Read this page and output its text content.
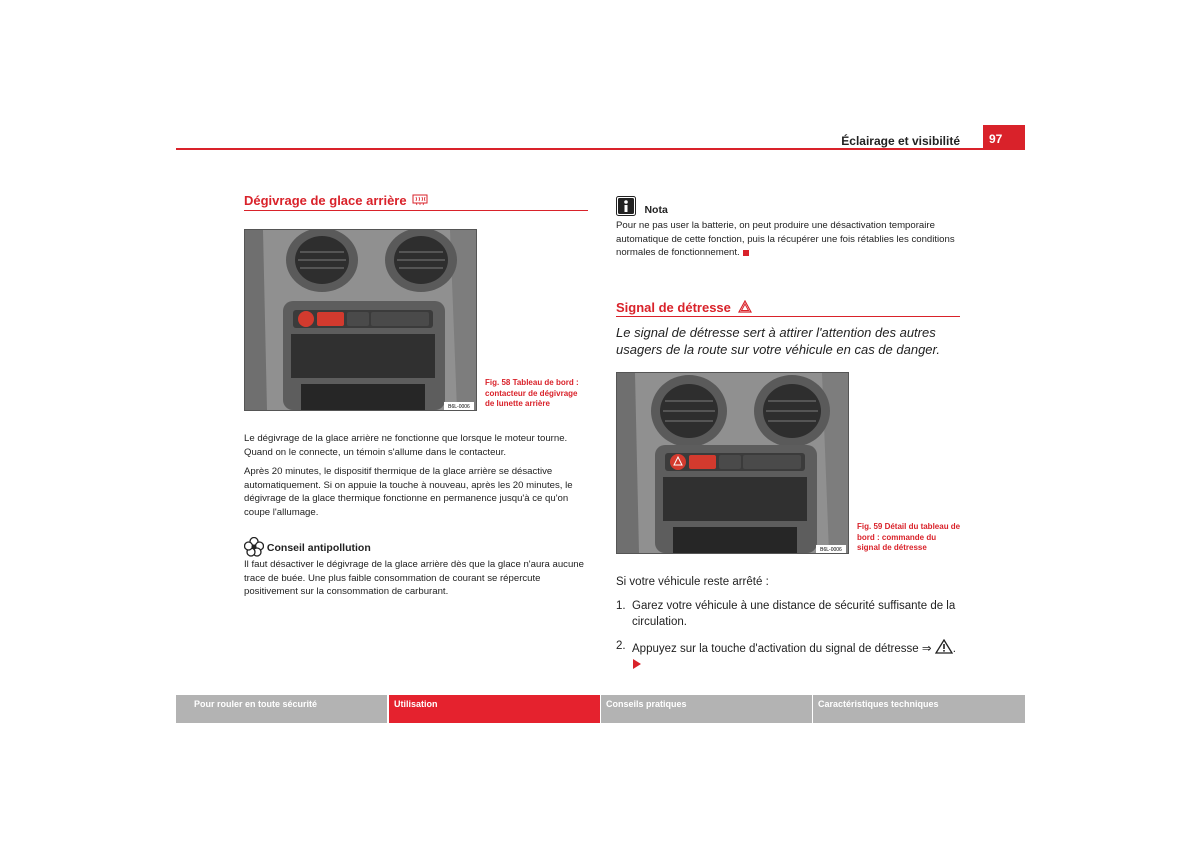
Éclairage et visibilité	97
Dégivrage de glace arrière
B6L-0006
Fig. 58 Tableau de bord : contacteur de dégivrage de lunette arrière

Le dégivrage de la glace arrière ne fonctionne que lorsque le moteur tourne. Quand on le connecte, un témoin s'allume dans le contacteur.

Après 20 minutes, le dispositif thermique de la glace arrière se désactive automatiquement. Si on appuie la touche à nouveau, après les 20 minutes, le dégivrage de la glace thermique fonctionne en permanence jusqu'à ce qu'on coupe l'allumage.

Conseil antipollution
Il faut désactiver le dégivrage de la glace arrière dès que la glace n'aura aucune trace de buée. Une plus faible consommation de courant se répercute positivement sur la consommation de carburant.
Nota
Pour ne pas user la batterie, on peut produire une désactivation temporaire automatique de cette fonction, puis la récupérer une fois rétablies les conditions normales de fonctionnement.
Signal de détresse
Le signal de détresse sert à attirer l'attention des autres usagers de la route sur votre véhicule en cas de danger.
B6L-0006
Fig. 59 Détail du tableau de bord : commande du signal de détresse
Si votre véhicule reste arrêté :
1. Garez votre véhicule à une distance de sécurité suffisante de la circulation.
2. Appuyez sur la touche d'activation du signal de détresse ⇒ .
Pour rouler en toute sécurité	Utilisation	Conseils pratiques	Caractéristiques techniques
